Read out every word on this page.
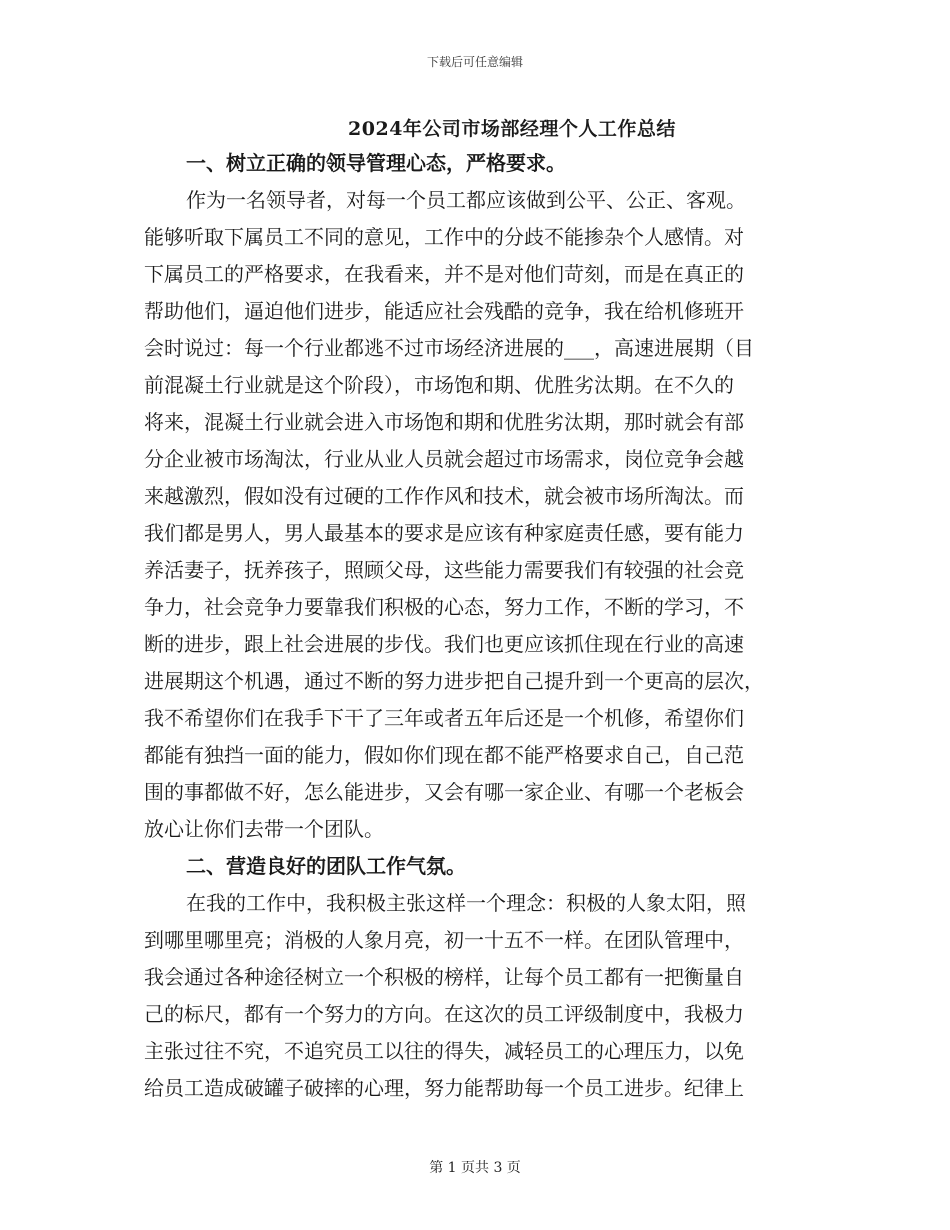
下载后可任意编辑
2024年公司市场部经理个人工作总结
一、树立正确的领导管理心态，严格要求。
作为一名领导者，对每一个员工都应该做到公平、公正、客观。
能够听取下属员工不同的意见，工作中的分歧不能掺杂个人感情。对
下属员工的严格要求，在我看来，并不是对他们苛刻，而是在真正的
帮助他们，逼迫他们进步，能适应社会残酷的竞争，我在给机修班开
会时说过：每一个行业都逃不过市场经济进展的___，高速进展期（目
前混凝土行业就是这个阶段），市场饱和期、优胜劣汰期。在不久的
将来，混凝土行业就会进入市场饱和期和优胜劣汰期，那时就会有部
分企业被市场淘汰，行业从业人员就会超过市场需求，岗位竞争会越
来越激烈，假如没有过硬的工作作风和技术，就会被市场所淘汰。而
我们都是男人，男人最基本的要求是应该有种家庭责任感，要有能力
养活妻子，抚养孩子，照顾父母，这些能力需要我们有较强的社会竞
争力，社会竞争力要靠我们积极的心态，努力工作，不断的学习，不
断的进步，跟上社会进展的步伐。我们也更应该抓住现在行业的高速
进展期这个机遇，通过不断的努力进步把自己提升到一个更高的层次，
我不希望你们在我手下干了三年或者五年后还是一个机修，希望你们
都能有独挡一面的能力，假如你们现在都不能严格要求自己，自己范
围的事都做不好，怎么能进步，又会有哪一家企业、有哪一个老板会
放心让你们去带一个团队。
二、营造良好的团队工作气氛。
在我的工作中，我积极主张这样一个理念：积极的人象太阳，照
到哪里哪里亮；消极的人象月亮，初一十五不一样。在团队管理中，
我会通过各种途径树立一个积极的榜样，让每个员工都有一把衡量自
己的标尺，都有一个努力的方向。在这次的员工评级制度中，我极力
主张过往不究，不追究员工以往的得失，减轻员工的心理压力，以免
给员工造成破罐子破摔的心理，努力能帮助每一个员工进步。纪律上
第 1 页共 3 页
